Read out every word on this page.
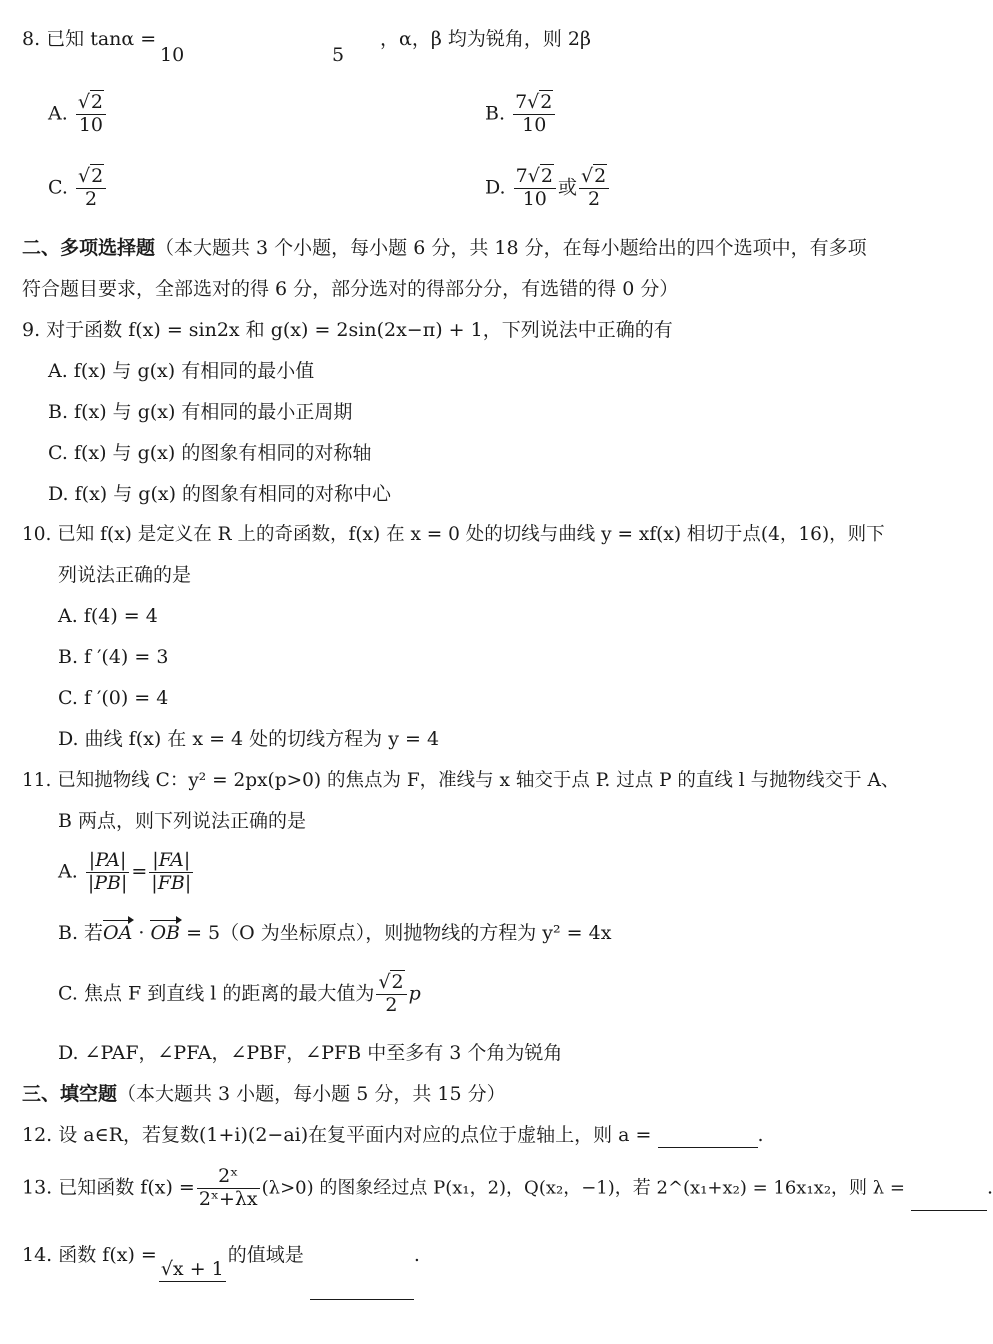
8. 已知 tanα =
10	5
，α，β 均为锐角，则 2β
A. $\frac{√2}{10}$	B. $\frac{7√2}{10}$
C. $\frac{√2}{2}$	D. $\frac{7√2}{10}$ 或 $\frac{√2}{2}$
二、多项选择题（本大题共 3 个小题，每小题 6 分，共 18 分，在每小题给出的四个选项中，有多项
符合题目要求，全部选对的得 6 分，部分选对的得部分分，有选错的得 0 分）
9. 对于函数 f(x) = sin2x 和 g(x) = 2sin(2x−π) + 1，下列说法中正确的有
A. f(x) 与 g(x) 有相同的最小值
B. f(x) 与 g(x) 有相同的最小正周期
C. f(x) 与 g(x) 的图象有相同的对称轴
D. f(x) 与 g(x) 的图象有相同的对称中心
10. 已知 f(x) 是定义在 R 上的奇函数，f(x) 在 x = 0 处的切线与曲线 y = xf(x) 相切于点(4，16)，则下
列说法正确的是
A. f(4) = 4
B. f ′(4) = 3
C. f ′(0) = 4
D. 曲线 f(x) 在 x = 4 处的切线方程为 y = 4
11. 已知抛物线 C：y² = 2px(p>0) 的焦点为 F，准线与 x 轴交于点 P. 过点 P 的直线 l 与抛物线交于 A、
B 两点，则下列说法正确的是
A. $\frac{|PA|}{|PB|} = \frac{|FA|}{|FB|}$
B. 若OA · OB = 5（O 为坐标原点），则抛物线的方程为 y² = 4x
C. 焦点 F 到直线 l 的距离的最大值为 $\frac{√2}{2}$ p
D. ∠PAF，∠PFA，∠PBF，∠PFB 中至多有 3 个角为锐角
三、填空题（本大题共 3 小题，每小题 5 分，共 15 分）
12. 设 a∈R，若复数(1+i)(2−ai)在复平面内对应的点位于虚轴上，则 a =	.
13. 已知函数 $f(x) = \frac{\text{2ˣ}}{\text{2ˣ+λx}} (\lambda>0)$ 的图象经过点 P(x₁，2)，Q(x₂，−1)，若 2^(x₁+x₂) = 16x₁x₂，则 λ =	.
14. 函数 f(x) =
√x + 1
的值域是	.
